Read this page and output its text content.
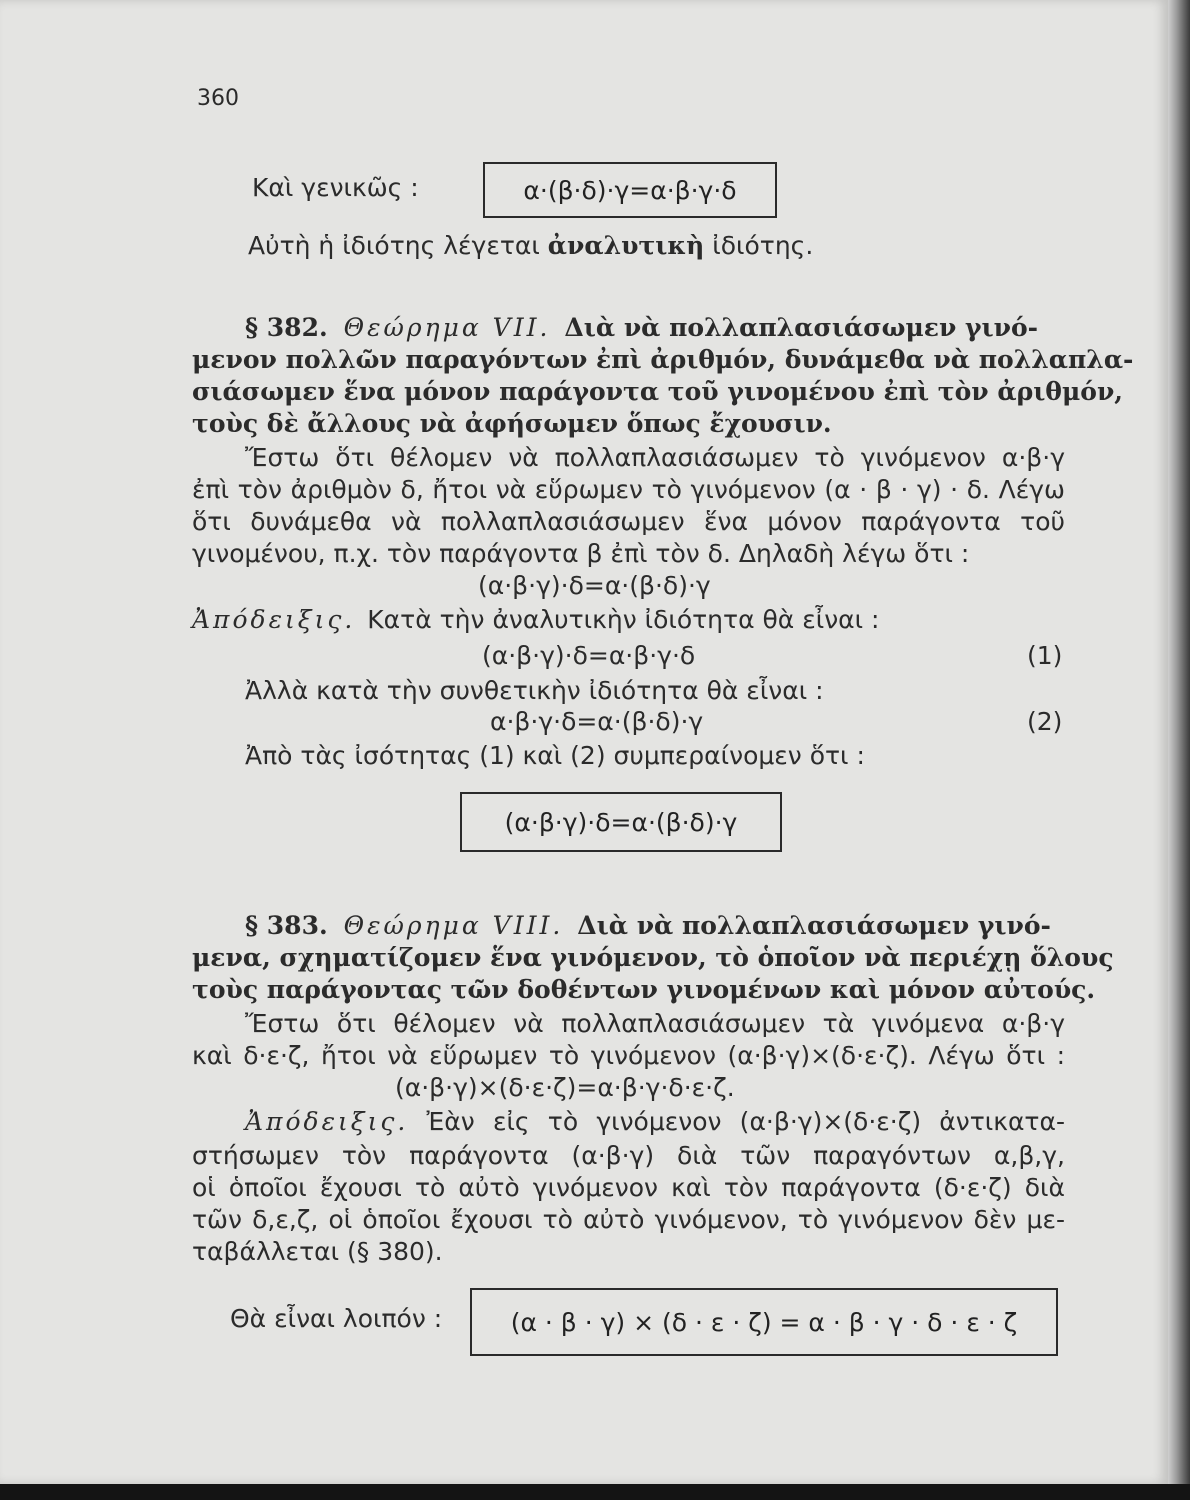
360
Καὶ γενικῶς :	α·(β·δ)·γ=α·β·γ·δ
Αὐτὴ ἡ ἰδιότης λέγεται ἀναλυτικὴ ἰδιότης.
§ 382. Θεώρημα VII. Διὰ νὰ πολλαπλασιάσωμεν γινό-
μενον πολλῶν παραγόντων ἐπὶ ἀριθμόν, δυνάμεθα νὰ πολλαπλα-
σιάσωμεν ἕνα μόνον παράγοντα τοῦ γινομένου ἐπὶ τὸν ἀριθμόν,
τοὺς δὲ ἄλλους νὰ ἀφήσωμεν ὅπως ἔχουσιν.
Ἔστω ὅτι θέλομεν νὰ πολλαπλασιάσωμεν τὸ γινόμενον α·β·γ
ἐπὶ τὸν ἀριθμὸν δ, ἤτοι νὰ εὕρωμεν τὸ γινόμενον (α · β · γ) · δ. Λέγω
ὅτι δυνάμεθα νὰ πολλαπλασιάσωμεν ἕνα μόνον παράγοντα τοῦ
γινομένου, π.χ. τὸν παράγοντα β ἐπὶ τὸν δ. Δηλαδὴ λέγω ὅτι :
(α·β·γ)·δ=α·(β·δ)·γ
Ἀπόδειξις. Κατὰ τὴν ἀναλυτικὴν ἰδιότητα θὰ εἶναι :
(α·β·γ)·δ=α·β·γ·δ	(1)
Ἀλλὰ κατὰ τὴν συνθετικὴν ἰδιότητα θὰ εἶναι :
α·β·γ·δ=α·(β·δ)·γ	(2)
Ἀπὸ τὰς ἰσότητας (1) καὶ (2) συμπεραίνομεν ὅτι :
(α·β·γ)·δ=α·(β·δ)·γ
§ 383. Θεώρημα VIII. Διὰ νὰ πολλαπλασιάσωμεν γινό-
μενα, σχηματίζομεν ἕνα γινόμενον, τὸ ὁποῖον νὰ περιέχῃ ὅλους
τοὺς παράγοντας τῶν δοθέντων γινομένων καὶ μόνον αὐτούς.
Ἔστω ὅτι θέλομεν νὰ πολλαπλασιάσωμεν τὰ γινόμενα α·β·γ
καὶ δ·ε·ζ, ἤτοι νὰ εὕρωμεν τὸ γινόμενον (α·β·γ)×(δ·ε·ζ). Λέγω ὅτι :
(α·β·γ)×(δ·ε·ζ)=α·β·γ·δ·ε·ζ.
Ἀπόδειξις. Ἐὰν εἰς τὸ γινόμενον (α·β·γ)×(δ·ε·ζ) ἀντικατα-
στήσωμεν τὸν παράγοντα (α·β·γ) διὰ τῶν παραγόντων α,β,γ,
οἱ ὁποῖοι ἔχουσι τὸ αὐτὸ γινόμενον καὶ τὸν παράγοντα (δ·ε·ζ) διὰ
τῶν δ,ε,ζ, οἱ ὁποῖοι ἔχουσι τὸ αὐτὸ γινόμενον, τὸ γινόμενον δὲν με-
ταβάλλεται (§ 380).
Θὰ εἶναι λοιπόν :	(α · β · γ) × (δ · ε · ζ) = α · β · γ · δ · ε · ζ
